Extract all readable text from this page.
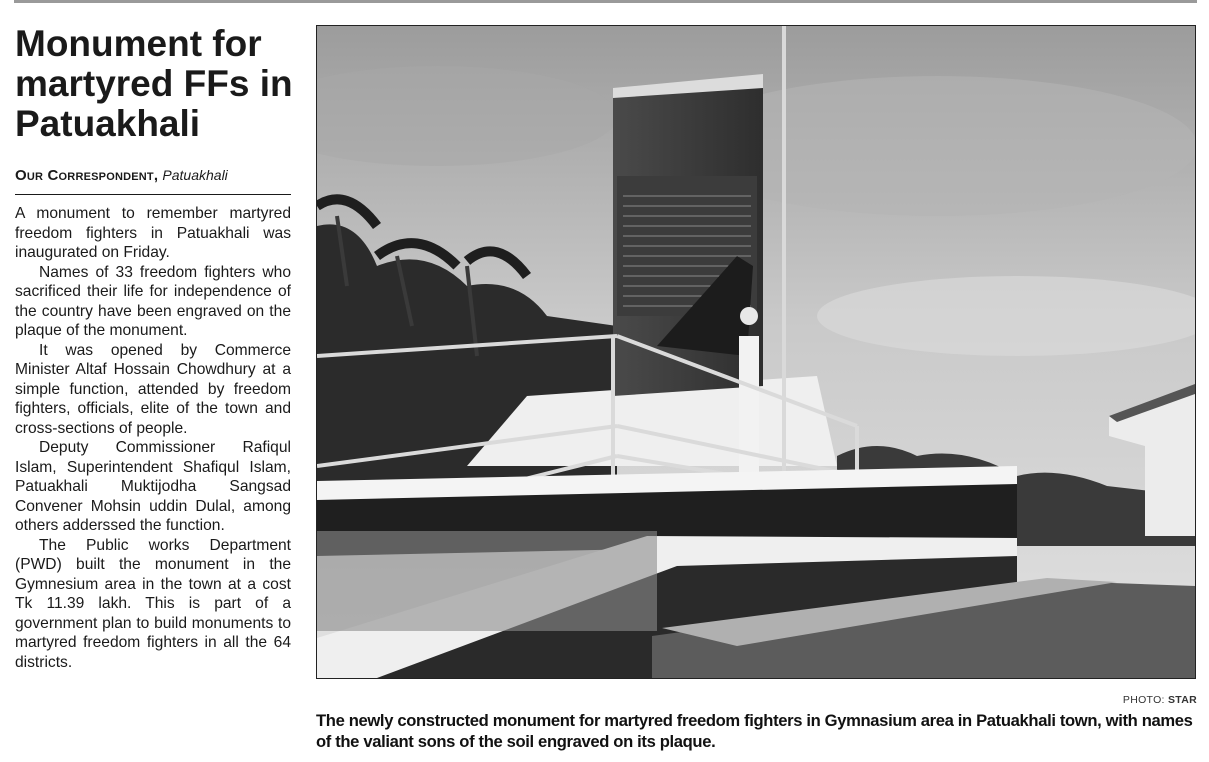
Monument for martyred FFs in Patuakhali
Our Correspondent, Patuakhali

A monument to remember martyred freedom fighters in Patuakhali was inaugurated on Friday.

Names of 33 freedom fighters who sacrificed their life for independence of the country have been engraved on the plaque of the monument.

It was opened by Commerce Minister Altaf Hossain Chowdhury at a simple function, attended by freedom fighters, officials, elite of the town and cross-sections of people.

Deputy Commissioner Rafiqul Islam, Superintendent Shafiqul Islam, Patuakhali Muktijodha Sangsad Convener Mohsin uddin Dulal, among others adderssed the function.

The Public works Department (PWD) built the monument in the Gymnesium area in the town at a cost Tk 11.39 lakh. This is part of a government plan to build monuments to martyred freedom fighters in all the 64 districts.

PHOTO: STAR

The newly constructed monument for martyred freedom fighters in Gymnasium area in Patuakhali town, with names of the valiant sons of the soil engraved on its plaque.
